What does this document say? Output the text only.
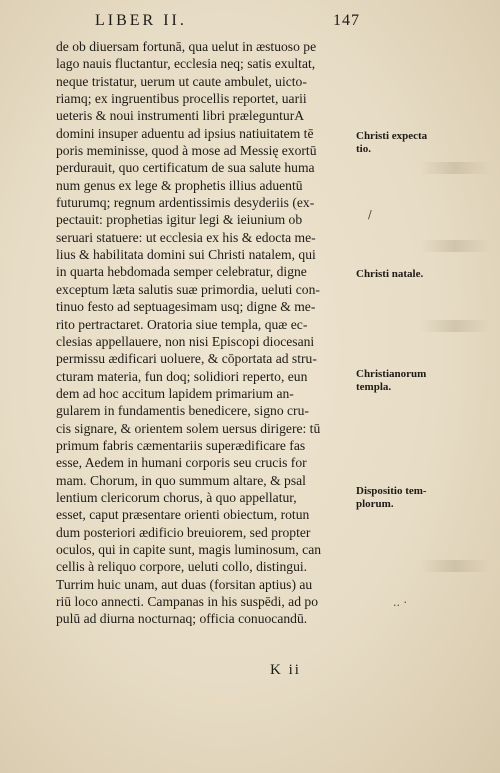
LIBER II.	147
de ob diuersam fortunā, qua uelut in æstuoso pe
lago nauis fluctantur, ecclesia neq; satis exultat,
neque tristatur, uerum ut caute ambulet, uicto-
riamq; ex ingruentibus procellis reportet, uarii
ueteris & noui instrumenti libri prælegunturA
domini insuper aduentu ad ipsius natiuitatem tē
poris meminisse, quod à mose ad Messię exortū
perdurauit, quo certificatum de sua salute huma
num genus ex lege & prophetis illius aduentū
futurumq; regnum ardentissimis desyderiis (ex-
pectauit: prophetias igitur legi & ieiunium ob
seruari statuere: ut ecclesia ex his & edocta me-
lius & habilitata domini sui Christi natalem, qui
in quarta hebdomada semper celebratur, digne
exceptum læta salutis suæ primordia, ueluti con-
tinuo festo ad septuagesimam usq; digne & me-
rito pertractaret. Oratoria siue templa, quæ ec-
clesias appellauere, non nisi Episcopi diocesani
permissu ædificari uoluere, & cōportata ad stru-
cturam materia, fun doq; solidiori reperto, eun
dem ad hoc accitum lapidem primarium an-
gularem in fundamentis benedicere, signo cru-
cis signare, & orientem solem uersus dirigere: tū
primum fabris cæmentariis superædificare fas
esse, Aedem in humani corporis seu crucis for
mam. Chorum, in quo summum altare, & psal
lentium clericorum chorus, à quo appellatur,
esset, caput præsentare orienti obiectum, rotun
dum posteriori ædificio breuiorem, sed propter
oculos, qui in capite sunt, magis luminosum, can
cellis à reliquo corpore, ueluti collo, distingui.
Turrim huic unam, aut duas (forsitan aptius) au
riū loco annecti. Campanas in his suspēdi, ad po
pulū ad diurna nocturnaq; officia conuocandū.
Christi expecta
tio.
Christi natale.
Christianorum
templa.
Dispositio tem-
plorum.
/
.. ·
K ii
